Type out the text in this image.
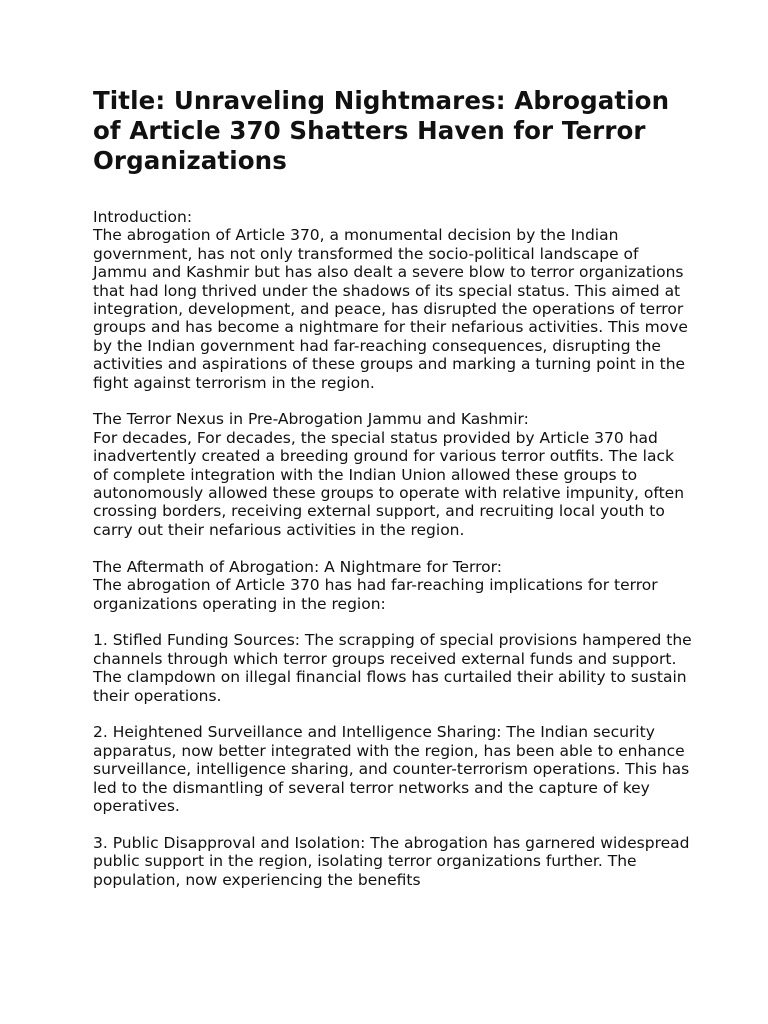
Title: Unraveling Nightmares: Abrogation of Article 370 Shatters Haven for Terror Organizations

Introduction:

The abrogation of Article 370, a monumental decision by the Indian government, has not only transformed the socio-political landscape of Jammu and Kashmir but has also dealt a severe blow to terror organizations that had long thrived under the shadows of its special status. This aimed at integration, development, and peace, has disrupted the operations of terror groups and has become a nightmare for their nefarious activities. This move by the Indian government had far-reaching consequences, disrupting the activities and aspirations of these groups and marking a turning point in the fight against terrorism in the region.

The Terror Nexus in Pre-Abrogation Jammu and Kashmir:

For decades, For decades, the special status provided by Article 370 had inadvertently created a breeding ground for various terror outfits. The lack of complete integration with the Indian Union allowed these groups to autonomously allowed these groups to operate with relative impunity, often crossing borders, receiving external support, and recruiting local youth to carry out their nefarious activities in the region.

The Aftermath of Abrogation: A Nightmare for Terror:

The abrogation of Article 370 has had far-reaching implications for terror organizations operating in the region:

1. Stifled Funding Sources: The scrapping of special provisions hampered the channels through which terror groups received external funds and support. The clampdown on illegal financial flows has curtailed their ability to sustain their operations.

2. Heightened Surveillance and Intelligence Sharing: The Indian security apparatus, now better integrated with the region, has been able to enhance surveillance, intelligence sharing, and counter-terrorism operations. This has led to the dismantling of several terror networks and the capture of key operatives.

3. Public Disapproval and Isolation: The abrogation has garnered widespread public support in the region, isolating terror organizations further. The population, now experiencing the benefits
